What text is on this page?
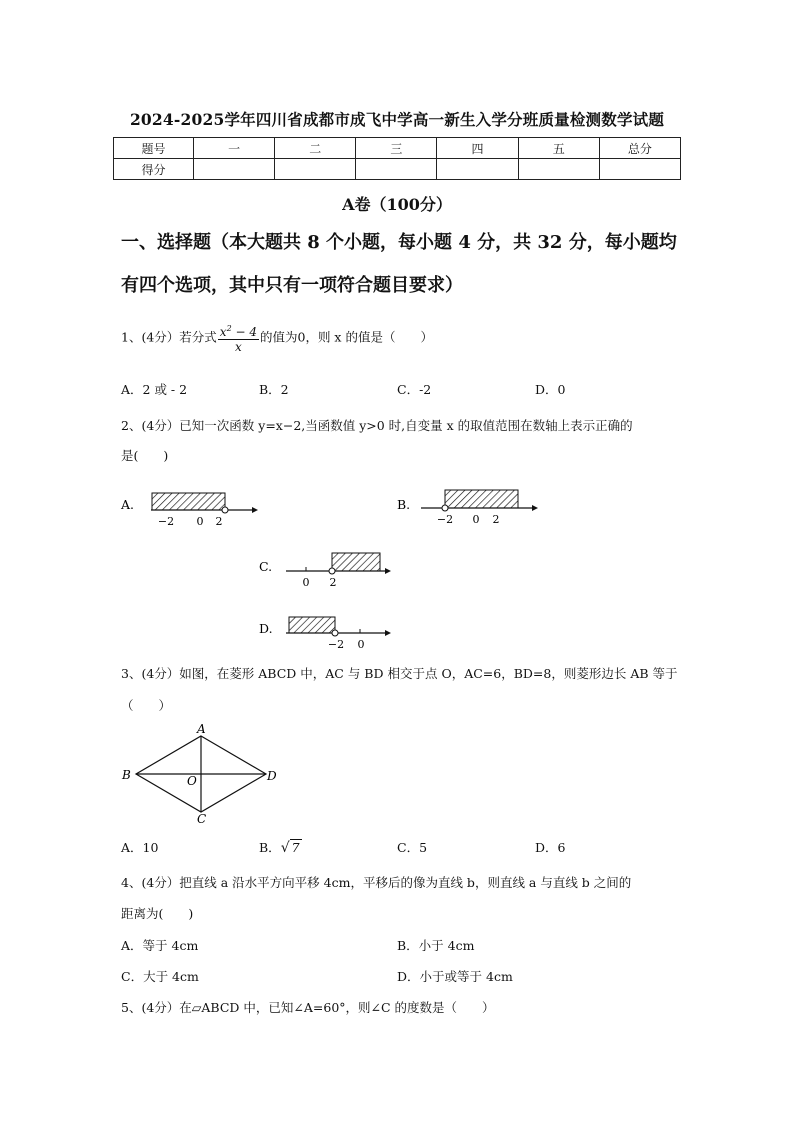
2024-2025学年四川省成都市成飞中学高一新生入学分班质量检测数学试题
题号	一	二	三	四	五	总分
得分						
A卷（100分）
一、选择题（本大题共 8 个小题，每小题 4 分，共 32 分，每小题均
有四个选项，其中只有一项符合题目要求）
1、(4分）若分式 $\frac{x^2 - 4}{x}$ 的值为0，则 x 的值是（　　）
A．2 或 - 2	B．2	C．-2	D．0
2、(4分）已知一次函数 y=x−2,当函数值 y>0 时,自变量 x 的取值范围在数轴上表示正确的
是(　　)
A.
−2 0 2
B.
−2 0 2
C.
0 2
D.
−2 0
3、(4分）如图，在菱形 ABCD 中，AC 与 BD 相交于点 O，AC=6，BD=8，则菱形边长 AB 等于
（　　）
A
B
C
D
O
A．10	B．√ 7	C．5	D．6
4、(4分）把直线 a 沿水平方向平移 4cm，平移后的像为直线 b，则直线 a 与直线 b 之间的
距离为(　　)
A．等于 4cm	B．小于 4cm
C．大于 4cm	D．小于或等于 4cm
5、(4分）在▱ABCD 中，已知∠A=60°，则∠C 的度数是（　　）
